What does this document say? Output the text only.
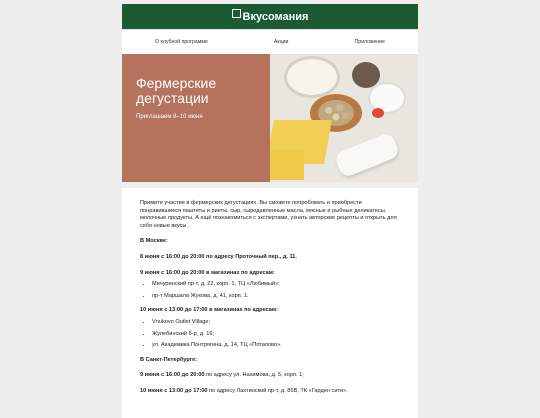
Вкусомания
О клубной программе	Акции	Приложение
Фермерские дегустации
Приглашаем 8–10 июня

Примите участие в фермерских дегустациях. Вы сможете попробовать и приобрести понравившиеся паштеты и риеты, сыр, сыродавленные масла, мясные и рыбные деликатесы, молочные продукты. А ещё познакомиться с экспертами, узнать авторские рецепты и открыть для себя новые вкусы.

В Москве:

8 июня с 16:00 до 20:00 по адресу Проточный пер., д. 11.

9 июня с 16:00 до 20:00 в магазинах по адресам:

• Мичуринский пр-т, д. 22, корп. 1, ТЦ «Любимый»;
• пр-т Маршала Жукова, д. 41, корп. 1.

10 июня с 13:00 до 17:00 в магазинах по адресам:

• Vnukovo Outlet Village;
• Жулебинский б-р, д. 16;
• ул. Академика Понтрягина, д. 14, ТЦ «Потапово».

В Санкт-Петербурге:

9 июня с 16:00 до 20:00 по адресу ул. Нахимова, д. 5, корп. 1;

10 июня с 13:00 до 17:00 по адресу Лахтинский пр-т, д. 85В, ТК «Гарден сити».
